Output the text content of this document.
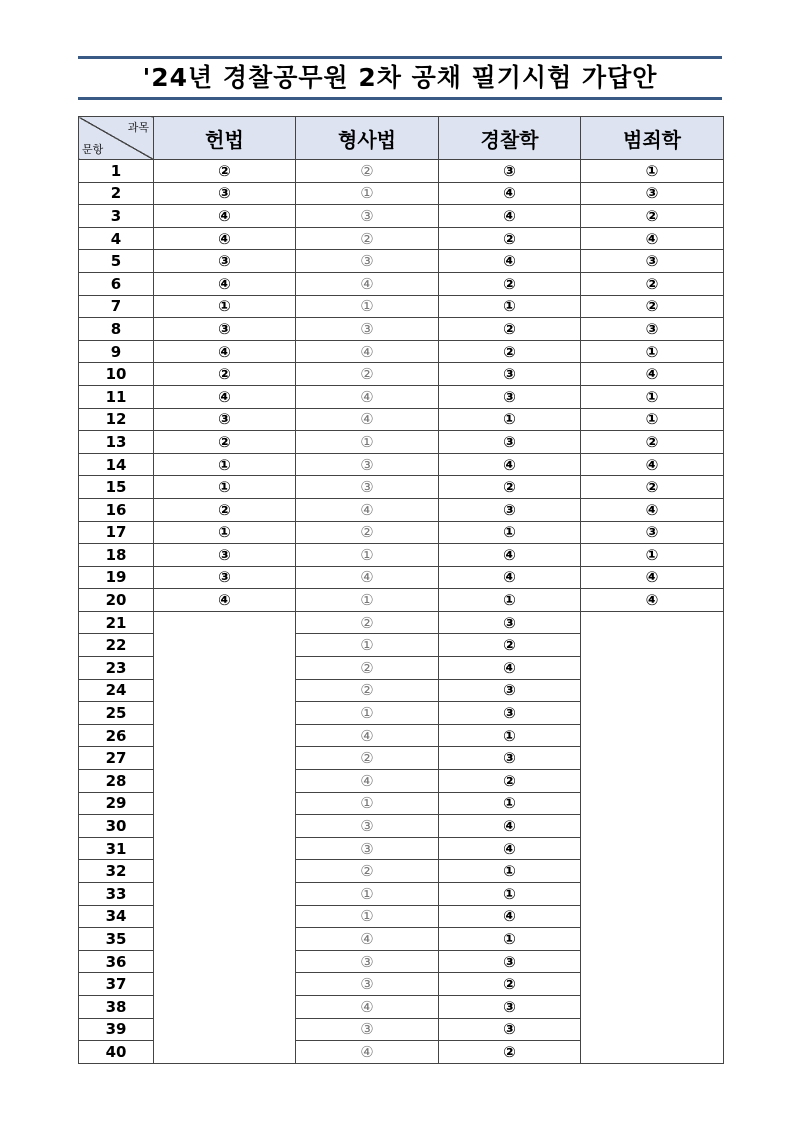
'24년 경찰공무원 2차 공채 필기시험 가답안
과목
문항	헌법	형사법	경찰학	범죄학
1	②	②	③	①
2	③	①	④	③
3	④	③	④	②
4	④	②	②	④
5	③	③	④	③
6	④	④	②	②
7	①	①	①	②
8	③	③	②	③
9	④	④	②	①
10	②	②	③	④
11	④	④	③	①
12	③	④	①	①
13	②	①	③	②
14	①	③	④	④
15	①	③	②	②
16	②	④	③	④
17	①	②	①	③
18	③	①	④	①
19	③	④	④	④
20	④	①	①	④
21		②	③	
22		①	②	
23		②	④	
24		②	③	
25		①	③	
26		④	①	
27		②	③	
28		④	②	
29		①	①	
30		③	④	
31		③	④	
32		②	①	
33		①	①	
34		①	④	
35		④	①	
36		③	③	
37		③	②	
38		④	③	
39		③	③	
40		④	②	
